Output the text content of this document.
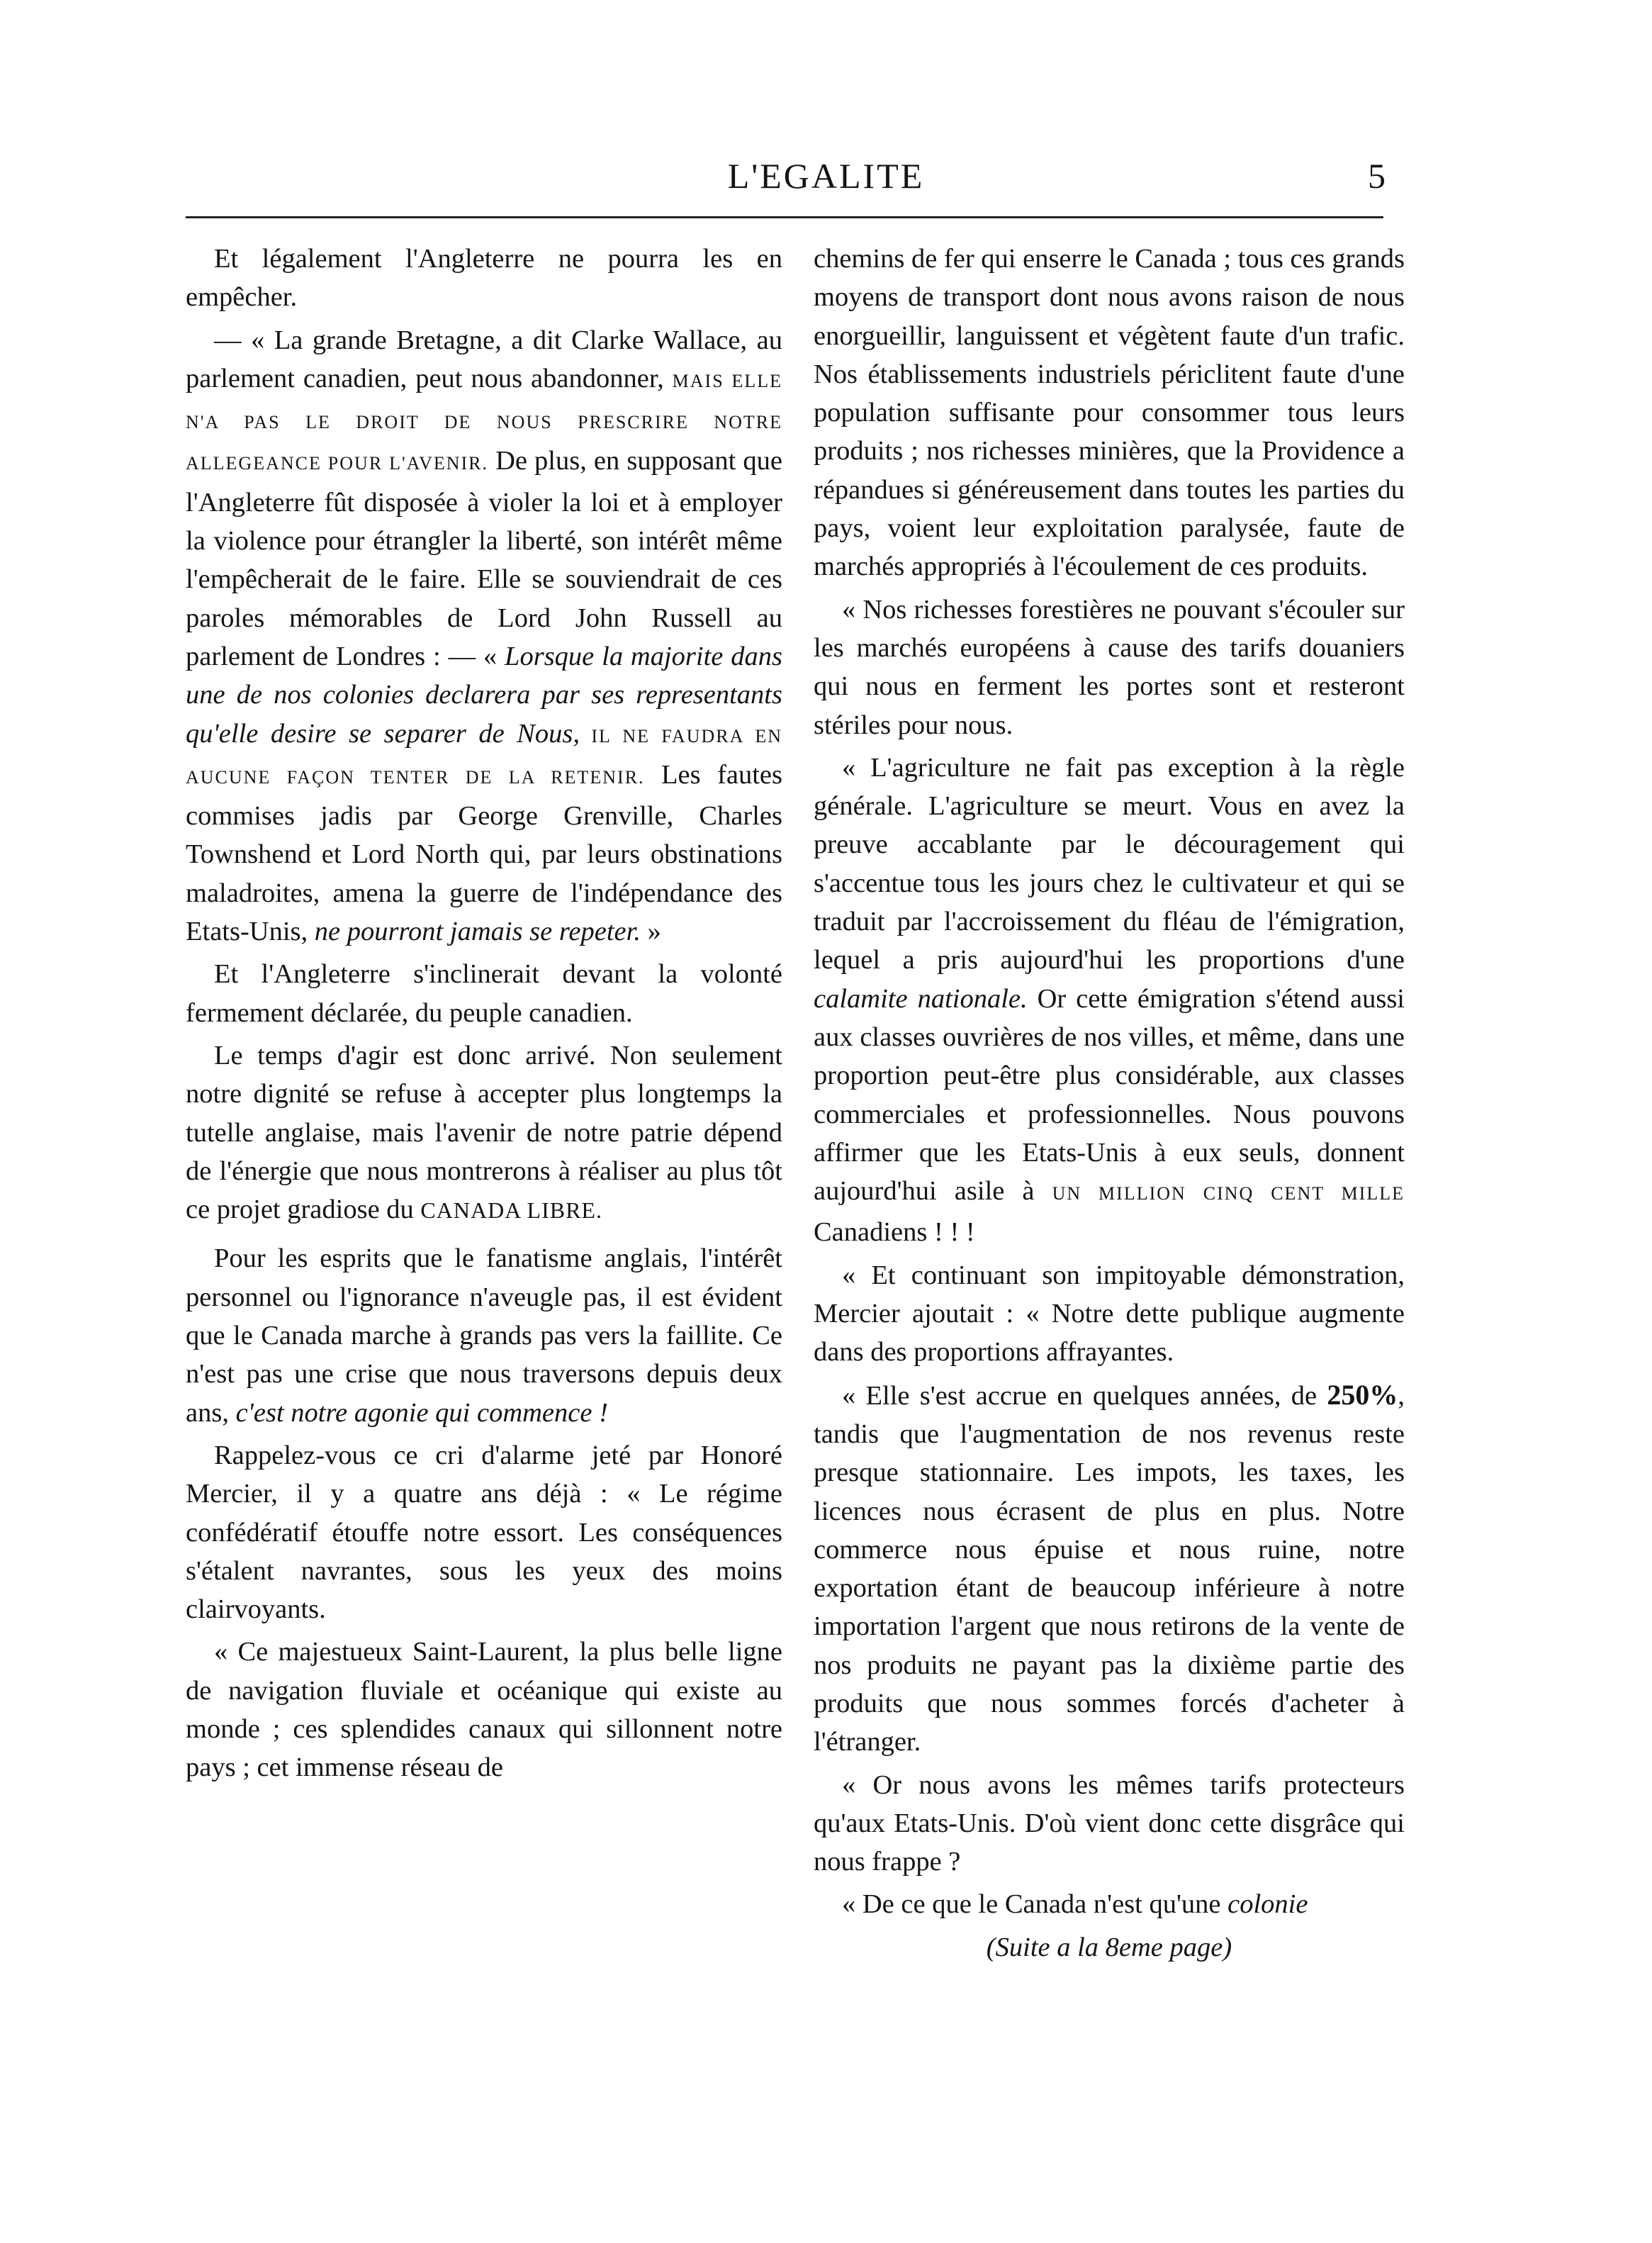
L'EGALITE	5

Et légalement l'Angleterre ne pourra les en empêcher.

— « La grande Bretagne, a dit Clarke Wallace, au parlement canadien, peut nous abandonner, MAIS ELLE N'A PAS LE DROIT DE NOUS PRESCRIRE NOTRE ALLEGEANCE POUR L'AVENIR. De plus, en supposant que l'Angleterre fût disposée à violer la loi et à employer la violence pour étrangler la liberté, son intérêt même l'empêcherait de le faire. Elle se souviendrait de ces paroles mémorables de Lord John Russell au parlement de Londres : — « Lorsque la majorite dans une de nos colonies declarera par ses representants qu'elle desire se separer de Nous, IL NE FAUDRA EN AUCUNE FAÇON TENTER DE LA RETENIR. Les fautes commises jadis par George Grenville, Charles Townshend et Lord North qui, par leurs obstinations maladroites, amena la guerre de l'indépendance des Etats-Unis, ne pourront jamais se repeter. »

Et l'Angleterre s'inclinerait devant la volonté fermement déclarée, du peuple canadien.

Le temps d'agir est donc arrivé. Non seulement notre dignité se refuse à accepter plus longtemps la tutelle anglaise, mais l'avenir de notre patrie dépend de l'énergie que nous montrerons à réaliser au plus tôt ce projet gradiose du CANADA LIBRE.

Pour les esprits que le fanatisme anglais, l'intérêt personnel ou l'ignorance n'aveugle pas, il est évident que le Canada marche à grands pas vers la faillite. Ce n'est pas une crise que nous traversons depuis deux ans, c'est notre agonie qui commence !

Rappelez-vous ce cri d'alarme jeté par Honoré Mercier, il y a quatre ans déjà : « Le régime confédératif étouffe notre essort. Les conséquences s'étalent navrantes, sous les yeux des moins clairvoyants.

« Ce majestueux Saint-Laurent, la plus belle ligne de navigation fluviale et océanique qui existe au monde ; ces splendides canaux qui sillonnent notre pays ; cet immense réseau de

chemins de fer qui enserre le Canada ; tous ces grands moyens de transport dont nous avons raison de nous enorgueillir, languissent et végètent faute d'un trafic. Nos établissements industriels périclitent faute d'une population suffisante pour consommer tous leurs produits ; nos richesses minières, que la Providence a répandues si généreusement dans toutes les parties du pays, voient leur exploitation paralysée, faute de marchés appropriés à l'écoulement de ces produits.

« Nos richesses forestières ne pouvant s'écouler sur les marchés européens à cause des tarifs douaniers qui nous en ferment les portes sont et resteront stériles pour nous.

« L'agriculture ne fait pas exception à la règle générale. L'agriculture se meurt. Vous en avez la preuve accablante par le découragement qui s'accentue tous les jours chez le cultivateur et qui se traduit par l'accroissement du fléau de l'émigration, lequel a pris aujourd'hui les proportions d'une calamite nationale. Or cette émigration s'étend aussi aux classes ouvrières de nos villes, et même, dans une proportion peut-être plus considérable, aux classes commerciales et professionnelles. Nous pouvons affirmer que les Etats-Unis à eux seuls, donnent aujourd'hui asile à UN MILLION CINQ CENT MILLE Canadiens ! ! !

« Et continuant son impitoyable démonstration, Mercier ajoutait : « Notre dette publique augmente dans des proportions affrayantes.

« Elle s'est accrue en quelques années, de 250%, tandis que l'augmentation de nos revenus reste presque stationnaire. Les impots, les taxes, les licences nous écrasent de plus en plus. Notre commerce nous épuise et nous ruine, notre exportation étant de beaucoup inférieure à notre importation l'argent que nous retirons de la vente de nos produits ne payant pas la dixième partie des produits que nous sommes forcés d'acheter à l'étranger.

« Or nous avons les mêmes tarifs protecteurs qu'aux Etats-Unis. D'où vient donc cette disgrâce qui nous frappe ?

« De ce que le Canada n'est qu'une colonie

(Suite a la 8eme page)
